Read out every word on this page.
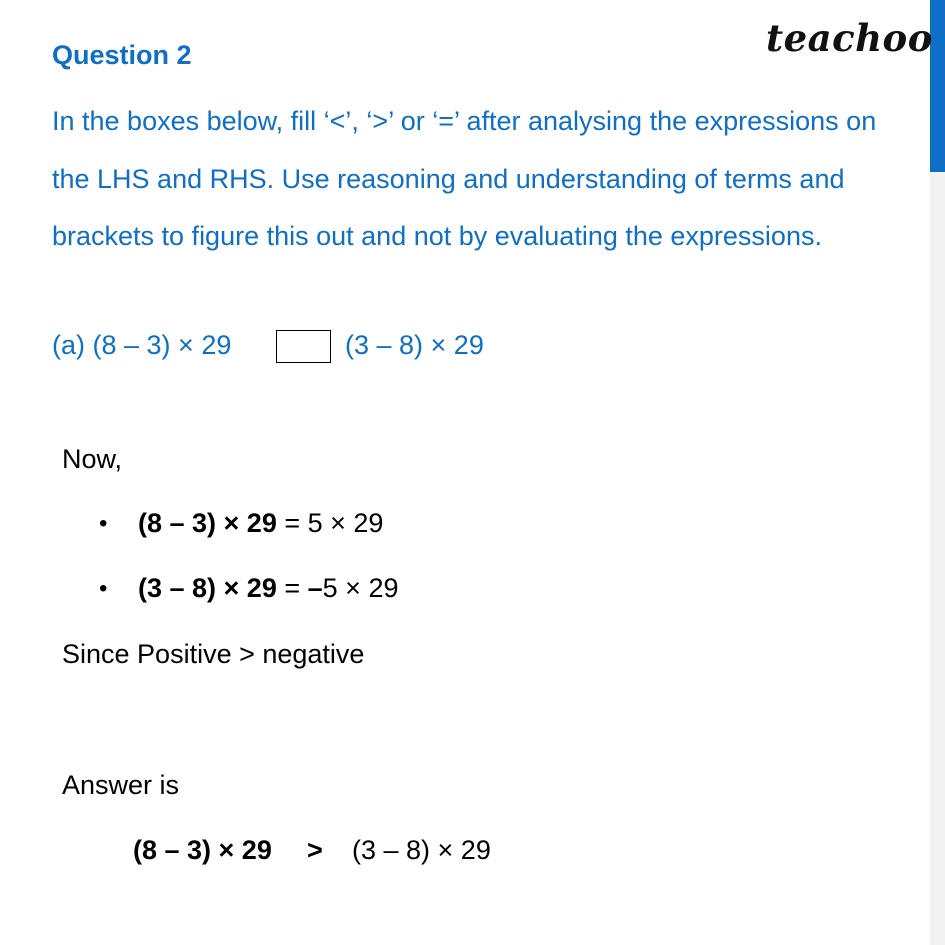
teachoo
Question 2
In the boxes below, fill ‘<’, ‘>’ or ‘=’ after analysing the expressions on the LHS and RHS. Use reasoning and understanding of terms and brackets to figure this out and not by evaluating the expressions.
(a) (8 – 3) × 29	(3 – 8) × 29
Now,
• (8 – 3) × 29 = 5 × 29
• (3 – 8) × 29 = –5 × 29
Since Positive > negative
Answer is
(8 – 3) × 29 > (3 – 8) × 29
